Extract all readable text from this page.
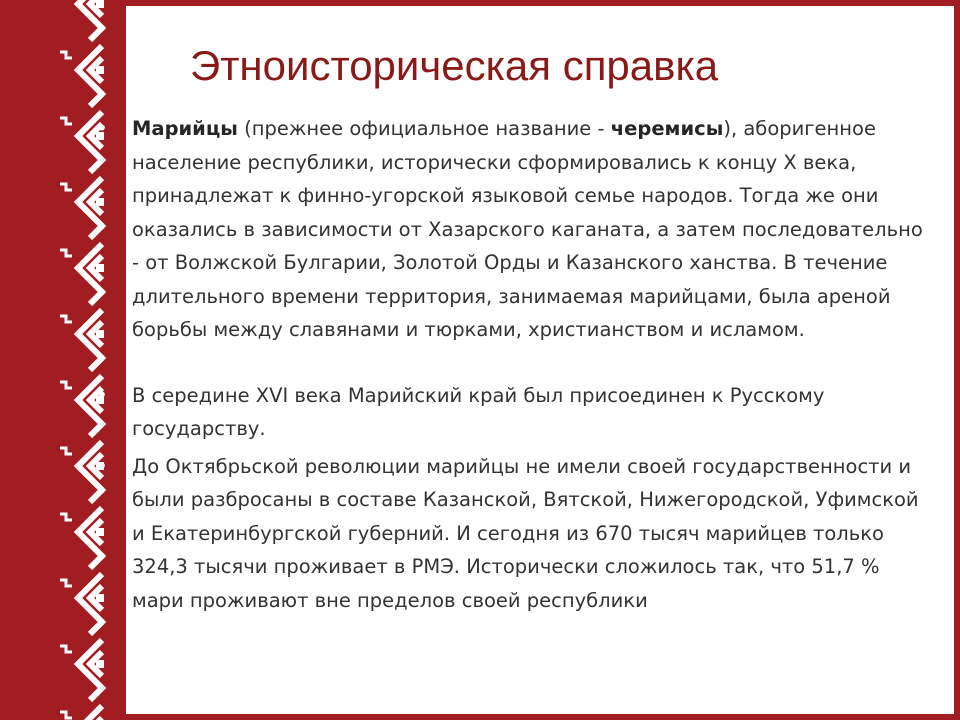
Этноисторическая справка
• Марийцы (прежнее официальное название - черемисы), аборигенное население республики, исторически сформировались к концу X века, принадлежат к финно-угорской языковой семье народов. Тогда же они оказались в зависимости от Хазарского каганата, а затем последовательно - от Волжской Булгарии, Золотой Орды и Казанского ханства. В течение длительного времени территория, занимаемая марийцами, была ареной борьбы между славянами и тюрками, христианством и исламом.
• В середине XVI века Марийский край был присоединен к Русскому государству.
• До Октябрьской революции марийцы не имели своей государственности и были разбросаны в составе Казанской, Вятской, Нижегородской, Уфимской и Екатеринбургской губерний. И сегодня из 670 тысяч марийцев только 324,3 тысячи проживает в РМЭ. Исторически сложилось так, что 51,7 % мари проживают вне пределов своей республики
